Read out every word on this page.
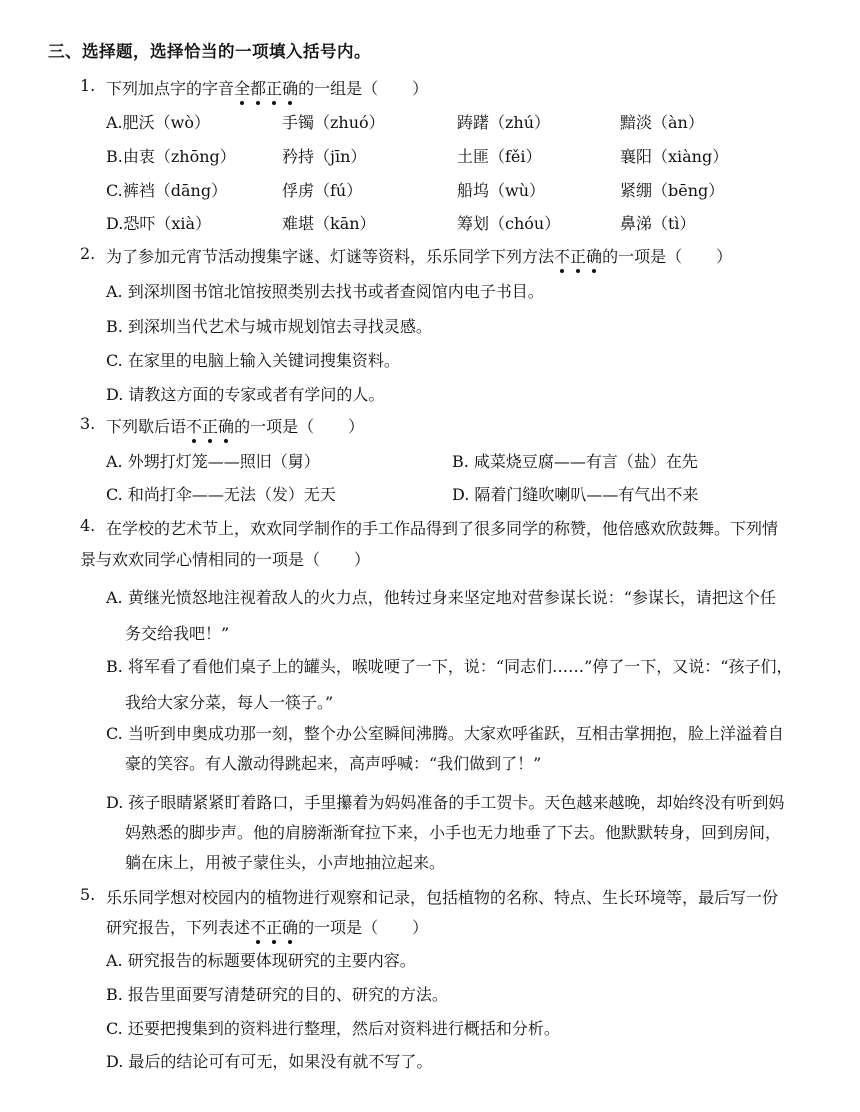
三、选择题，选择恰当的一项填入括号内。
1. 下列加点字的字音全都正确的一组是（ ）
A.肥沃（wò）	手镯（zhuó）	踌躇（zhú）	黯淡（àn）
B.由衷（zhōng）	矜持（jīn）	土匪（fěi）	襄阳（xiàng）
C.裤裆（dāng）	俘虏（fú）	船坞（wù）	紧绷（bēng）
D.恐吓（xià）	难堪（kān）	筹划（chóu）	鼻涕（tì）
2. 为了参加元宵节活动搜集字谜、灯谜等资料，乐乐同学下列方法不正确的一项是（ ）
A. 到深圳图书馆北馆按照类别去找书或者查阅馆内电子书目。
B. 到深圳当代艺术与城市规划馆去寻找灵感。
C. 在家里的电脑上输入关键词搜集资料。
D. 请教这方面的专家或者有学问的人。
3. 下列歇后语不正确的一项是（ ）
A. 外甥打灯笼——照旧（舅）	B. 咸菜烧豆腐——有言（盐）在先
C. 和尚打伞——无法（发）无天	D. 隔着门缝吹喇叭——有气出不来
4. 在学校的艺术节上，欢欢同学制作的手工作品得到了很多同学的称赞，他倍感欢欣鼓舞。下列情
景与欢欢同学心情相同的一项是（ ）
A. 黄继光愤怒地注视着敌人的火力点，他转过身来坚定地对营参谋长说：“参谋长，请把这个任
务交给我吧！”
B. 将军看了看他们桌子上的罐头，喉咙哽了一下，说：“同志们……”停了一下，又说：“孩子们，
我给大家分菜，每人一筷子。”
C. 当听到申奥成功那一刻，整个办公室瞬间沸腾。大家欢呼雀跃，互相击掌拥抱，脸上洋溢着自
豪的笑容。有人激动得跳起来，高声呼喊：“我们做到了！”
D. 孩子眼睛紧紧盯着路口，手里攥着为妈妈准备的手工贺卡。天色越来越晚，却始终没有听到妈
妈熟悉的脚步声。他的肩膀渐渐耷拉下来，小手也无力地垂了下去。他默默转身，回到房间，
躺在床上，用被子蒙住头，小声地抽泣起来。
5. 乐乐同学想对校园内的植物进行观察和记录，包括植物的名称、特点、生长环境等，最后写一份
研究报告，下列表述不正确的一项是（ ）
A. 研究报告的标题要体现研究的主要内容。
B. 报告里面要写清楚研究的目的、研究的方法。
C. 还要把搜集到的资料进行整理，然后对资料进行概括和分析。
D. 最后的结论可有可无，如果没有就不写了。
